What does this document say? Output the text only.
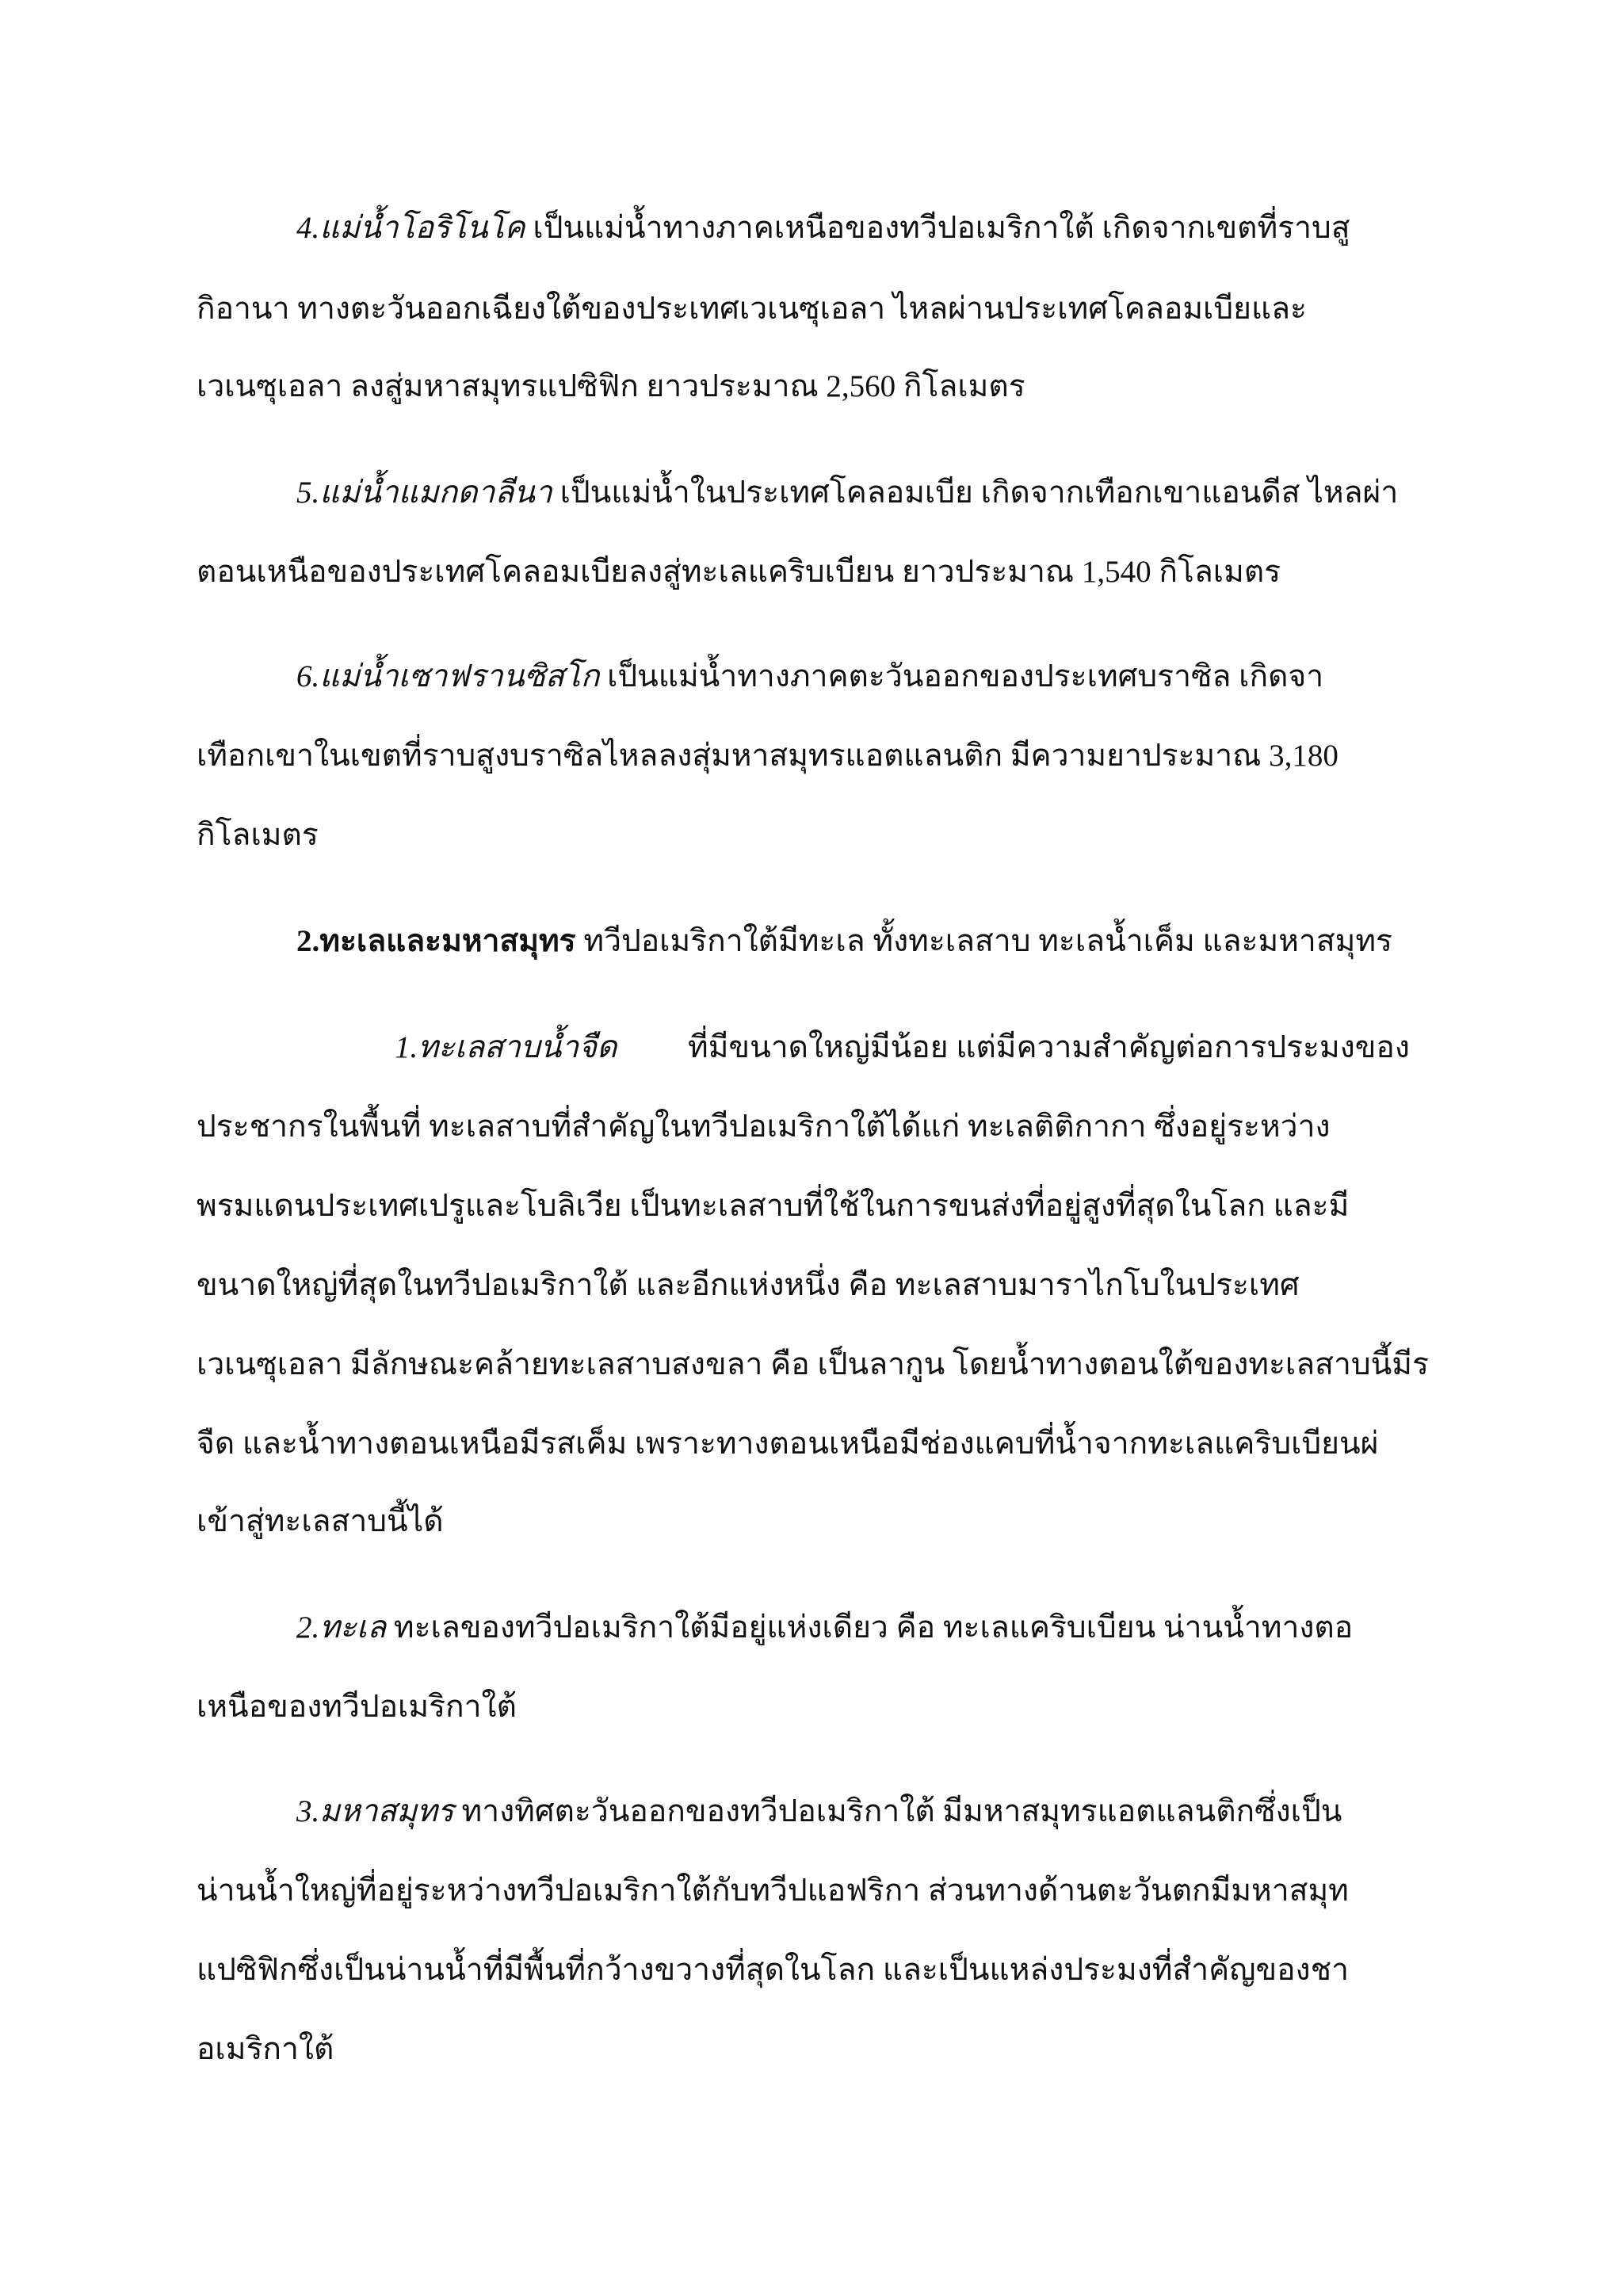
4.แม่น้ำโอริโนโค เป็นแม่น้ำทางภาคเหนือของทวีปอเมริกาใต้ เกิดจากเขตที่ราบสู
กิอานา ทางตะวันออกเฉียงใต้ของประเทศเวเนซุเอลา ไหลผ่านประเทศโคลอมเบียและ
เวเนซุเอลา ลงสู่มหาสมุทรแปซิฟิก ยาวประมาณ 2,560 กิโลเมตร
5.แม่น้ำแมกดาลีนา เป็นแม่น้ำในประเทศโคลอมเบีย เกิดจากเทือกเขาแอนดีส ไหลผ่า
ตอนเหนือของประเทศโคลอมเบียลงสู่ทะเลแคริบเบียน ยาวประมาณ 1,540 กิโลเมตร
6.แม่น้ำเซาฟรานซิสโก เป็นแม่น้ำทางภาคตะวันออกของประเทศบราซิล เกิดจา
เทือกเขาในเขตที่ราบสูงบราซิลไหลลงสุ่มหาสมุทรแอตแลนติก มีความยาประมาณ 3,180
กิโลเมตร
2.ทะเลและมหาสมุทร ทวีปอเมริกาใต้มีทะเล ทั้งทะเลสาบ ทะเลน้ำเค็ม และมหาสมุทร
1.ทะเลสาบน้ำจืด ที่มีขนาดใหญ่มีน้อย แต่มีความสำคัญต่อการประมงของ
ประชากรในพื้นที่ ทะเลสาบที่สำคัญในทวีปอเมริกาใต้ได้แก่ ทะเลติติกากา ซึ่งอยู่ระหว่าง
พรมแดนประเทศเปรูและโบลิเวีย เป็นทะเลสาบที่ใช้ในการขนส่งที่อยู่สูงที่สุดในโลก และมี
ขนาดใหญ่ที่สุดในทวีปอเมริกาใต้ และอีกแห่งหนึ่ง คือ ทะเลสาบมาราไกโบในประเทศ
เวเนซุเอลา มีลักษณะคล้ายทะเลสาบสงขลา คือ เป็นลากูน โดยน้ำทางตอนใต้ของทะเลสาบนี้มีร
จืด และน้ำทางตอนเหนือมีรสเค็ม เพราะทางตอนเหนือมีช่องแคบที่น้ำจากทะเลแคริบเบียนผ่
เข้าสู่ทะเลสาบนี้ได้
2.ทะเล ทะเลของทวีปอเมริกาใต้มีอยู่แห่งเดียว คือ ทะเลแคริบเบียน น่านน้ำทางตอ
เหนือของทวีปอเมริกาใต้
3.มหาสมุทร ทางทิศตะวันออกของทวีปอเมริกาใต้ มีมหาสมุทรแอตแลนติกซึ่งเป็น
น่านน้ำใหญ่ที่อยู่ระหว่างทวีปอเมริกาใต้กับทวีปแอฟริกา ส่วนทางด้านตะวันตกมีมหาสมุท
แปซิฟิกซึ่งเป็นน่านน้ำที่มีพื้นที่กว้างขวางที่สุดในโลก และเป็นแหล่งประมงที่สำคัญของชา
อเมริกาใต้
